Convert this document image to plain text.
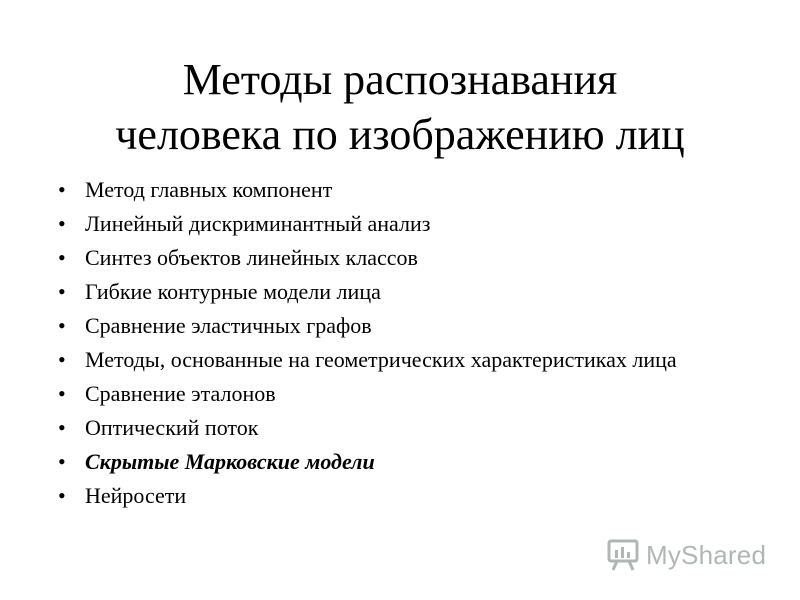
Методы распознавания
человека по изображению лиц
• Метод главных компонент
• Линейный дискриминантный анализ
• Синтез объектов линейных классов
• Гибкие контурные модели лица
• Сравнение эластичных графов
• Методы, основанные на геометрических характеристиках лица
• Сравнение эталонов
• Оптический поток
• Скрытые Марковские модели
• Нейросети
MyShared
